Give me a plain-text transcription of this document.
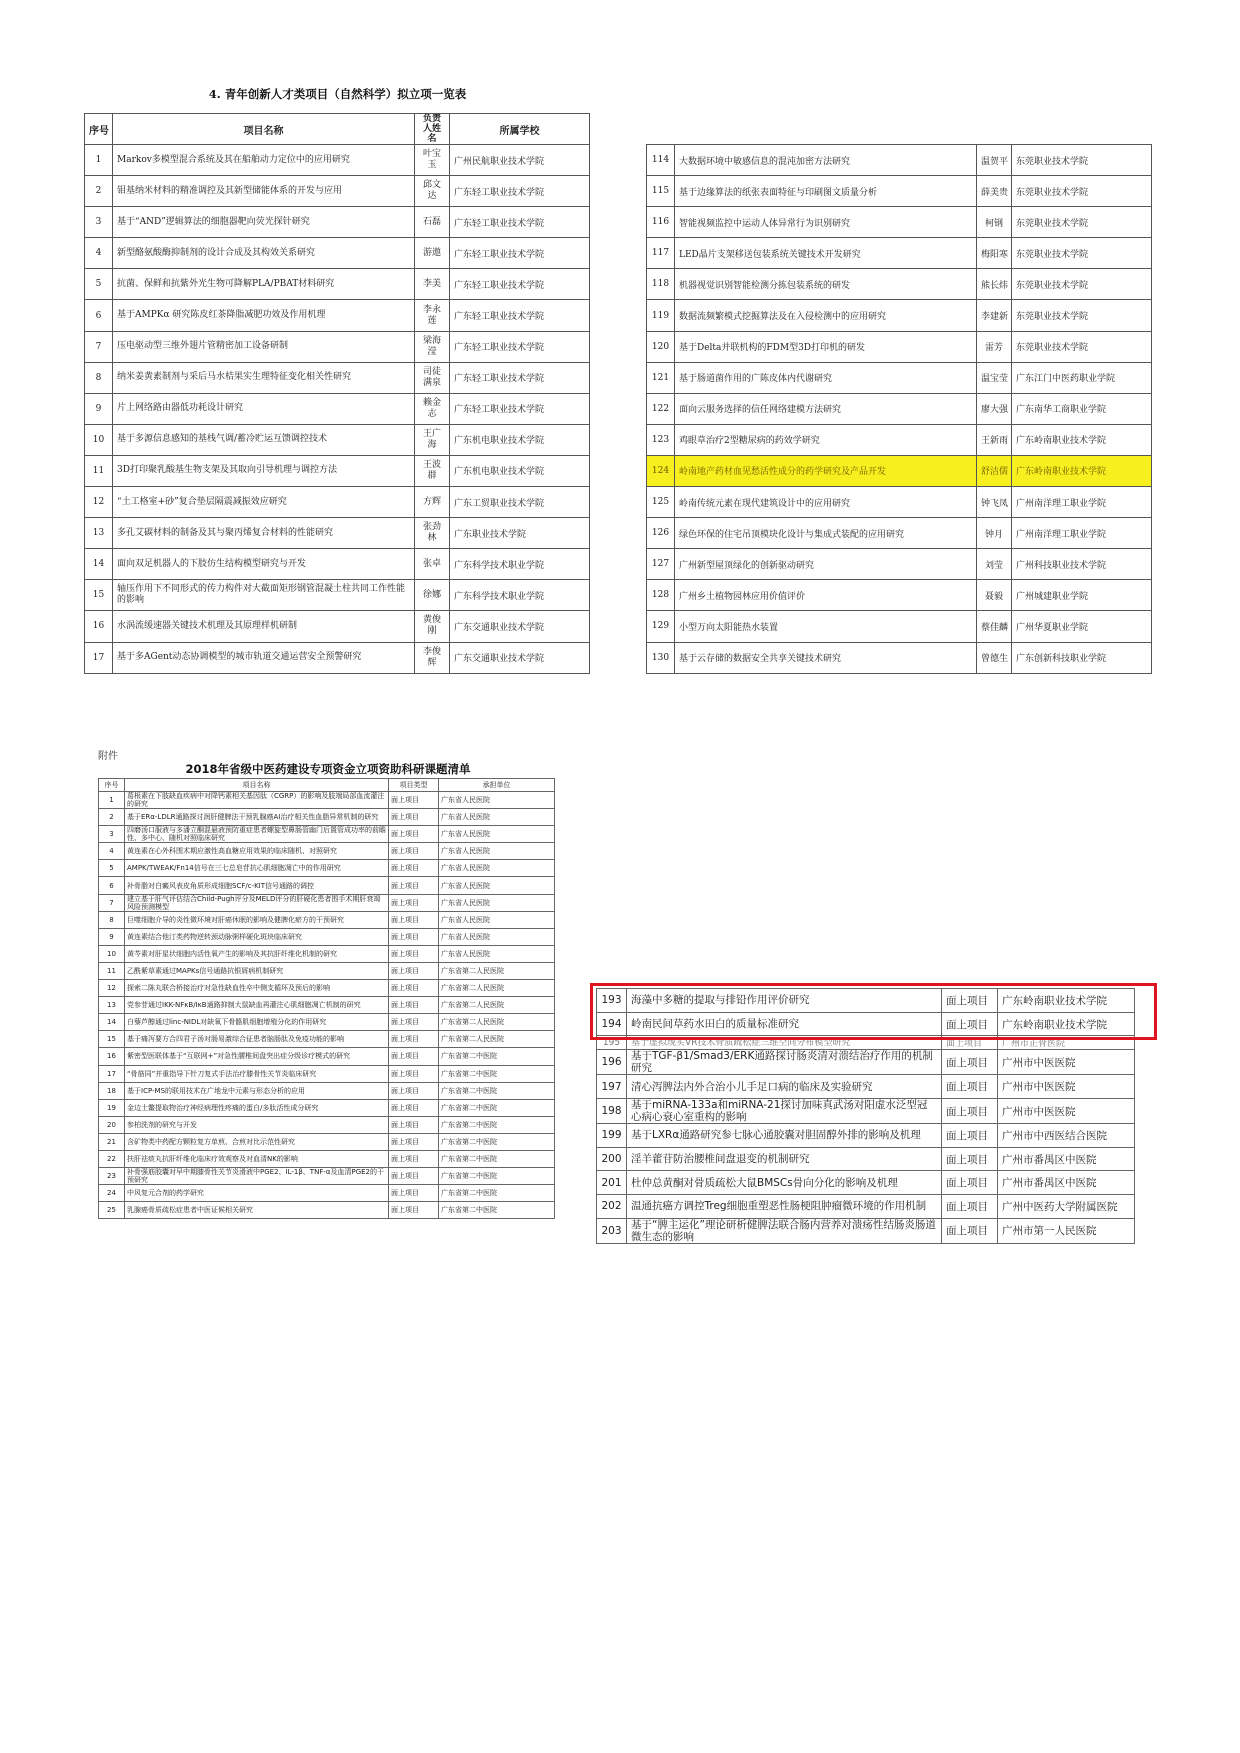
4. 青年创新人才类项目（自然科学）拟立项一览表
序号	项目名称	负责人姓名	所属学校
1	Markov多模型混合系统及其在船舶动力定位中的应用研究	叶宝玉	广州民航职业技术学院
2	钼基纳米材料的精准调控及其新型储能体系的开发与应用	邱文达	广东轻工职业技术学院
3	基于“AND”逻辑算法的细胞器靶向荧光探针研究	石磊	广东轻工职业技术学院
4	新型酪氨酸酶抑制剂的设计合成及其构效关系研究	游遨	广东轻工职业技术学院
5	抗菌、保鲜和抗紫外光生物可降解PLA/PBAT材料研究	李美	广东轻工职业技术学院
6	基于AMPKα 研究陈皮红茶降脂减肥功效及作用机理	李永莲	广东轻工职业技术学院
7	压电驱动型三维外翅片管精密加工设备研制	梁海滢	广东轻工职业技术学院
8	纳米姜黄素制剂与采后马水桔果实生理特征变化相关性研究	司徒满泉	广东轻工职业技术学院
9	片上网络路由器低功耗设计研究	赖金志	广东轻工职业技术学院
10	基于多源信息感知的基栈气调/蓄冷贮运互馈调控技术	王广海	广东机电职业技术学院
11	3D打印聚乳酸基生物支架及其取向引导机理与调控方法	王波群	广东机电职业技术学院
12	“土工格室+砂”复合垫层隔震减振效应研究	方辉	广东工贸职业技术学院
13	多孔艾碳材料的制备及其与聚丙烯复合材料的性能研究	张劲林	广东职业技术学院
14	面向双足机器人的下肢仿生结构模型研究与开发	张卓	广东科学技术职业学院
15	轴压作用下不同形式的传力构件对大截面矩形钢管混凝土柱共同工作性能的影响	徐娜	广东科学技术职业学院
16	水涡流缓速器关键技术机理及其原理样机研制	黄俊刚	广东交通职业技术学院
17	基于多AGent动态协调模型的城市轨道交通运营安全预警研究	李俊辉	广东交通职业技术学院
114	大数据环境中敏感信息的混沌加密方法研究	温贺平	东莞职业技术学院
115	基于边缘算法的纸张表面特征与印刷图文质量分析	薛美贵	东莞职业技术学院
116	智能视频监控中运动人体异常行为识别研究	柯钢	东莞职业技术学院
117	LED晶片支架移送包装系统关键技术开发研究	梅阳寒	东莞职业技术学院
118	机器视觉识别智能检测分拣包装系统的研发	熊长炜	东莞职业技术学院
119	数据流频繁模式挖掘算法及在入侵检测中的应用研究	李建新	东莞职业技术学院
120	基于Delta并联机构的FDM型3D打印机的研发	雷芳	东莞职业技术学院
121	基于肠道菌作用的广陈皮体内代谢研究	温宝莹	广东江门中医药职业学院
122	面向云服务选择的信任网络建模方法研究	廖大强	广东南华工商职业学院
123	鸡眼草治疗2型糖尿病的药效学研究	王新雨	广东岭南职业技术学院
124	岭南地产药材血见愁活性成分的药学研究及产品开发	舒洁儒	广东岭南职业技术学院
125	岭南传统元素在现代建筑设计中的应用研究	钟飞凤	广州南洋理工职业学院
126	绿色环保的住宅吊顶模块化设计与集成式装配的应用研究	钟月	广州南洋理工职业学院
127	广州新型屋顶绿化的创新驱动研究	刘莹	广州科技职业技术学院
128	广州乡土植物园林应用价值评价	聂毅	广州城建职业学院
129	小型万向太阳能热水装置	蔡佳麟	广州华夏职业学院
130	基于云存储的数据安全共享关键技术研究	曾德生	广东创新科技职业学院
附件
2018年省级中医药建设专项资金立项资助科研课题清单
序号	项目名称	项目类型	承担单位
1	葛根素在下肢缺血疾病中对降钙素相关基因肽（CGRP）的影响及肢端局部血流灌注的研究	面上项目	广东省人民医院
2	基于ERα-LDLR通路探讨润肝健脾法干预乳腺癌AI治疗相关性血脂异常机制的研究	面上项目	广东省人民医院
3	四磨汤口服液与多潘立酮混悬液预防重症患者螺旋型鼻肠管幽门后置管成功率的前瞻性、多中心、随机对照临床研究	面上项目	广东省人民医院
4	黄连素在心外科围术期应激性高血糖应用效果的临床随机、对照研究	面上项目	广东省人民医院
5	AMPK/TWEAK/Fn14信号在三七总皂苷抗心肌细胞凋亡中的作用研究	面上项目	广东省人民医院
6	补骨脂对白癜风表皮角质形成细胞SCF/c-KIT信号通路的调控	面上项目	广东省人民医院
7	建立基于肝气评估结合Child-Pugh评分及MELD评分的肝硬化患者围手术期肝衰竭风险预测模型	面上项目	广东省人民医院
8	巨噬细胞介导的炎性微环境对肝癌休眠的影响及健脾化瘀方的干预研究	面上项目	广东省人民医院
9	黄连素结合他汀类药物逆转颈动脉粥样硬化斑块临床研究	面上项目	广东省人民医院
10	黄芩素对肝星状细胞内活性氧产生的影响及其抗肝纤维化机制的研究	面上项目	广东省人民医院
11	乙酰紫草素通过MAPKs信号通路抗银屑病机制研究	面上项目	广东省第二人民医院
12	探索二陈丸联合桥接治疗对急性缺血性卒中侧支循环及预后的影响	面上项目	广东省第二人民医院
13	党参苷通过IKK-NFκB/IκB通路抑制大鼠缺血再灌注心肌细胞凋亡机制的研究	面上项目	广东省第二人民医院
14	白藜芦醇通过linc-NIDL对缺氧下骨骼肌细胞增殖分化的作用研究	面上项目	广东省第二人民医院
15	基于痛泻要方合四君子汤对肠易激综合征患者脑肠肽及免疫功能的影响	面上项目	广东省第二人民医院
16	紫密型医联体基于“互联网+”对急性腰椎间盘突出症分级诊疗模式的研究	面上项目	广东省第二中医院
17	“骨筋同”并重指导下针刀复式手法治疗膝骨性关节炎临床研究	面上项目	广东省第二中医院
18	基于ICP-MS的联用技术在广地龙中元素与形态分析的应用	面上项目	广东省第二中医院
19	金边土鳖提取物治疗神经病理性疼痛的蛋白/多肽活性成分研究	面上项目	广东省第二中医院
20	参柏洗剂的研究与开发	面上项目	广东省第二中医院
21	含矿物类中药配方颗粒复方单煎、合煎对比示范性研究	面上项目	广东省第二中医院
22	扶肝祛痰丸抗肝纤维化临床疗效观察及对血清NK的影响	面上项目	广东省第二中医院
23	补骨强筋胶囊对早中期膝骨性关节炎滑液中PGE2、IL-1β、TNF-α及血清PGE2的干预研究	面上项目	广东省第二中医院
24	中风复元合剂的药学研究	面上项目	广东省第二中医院
25	乳腺癌骨质疏松症患者中医证候相关研究	面上项目	广东省第二中医院
193	海藻中多糖的提取与排铅作用评价研究	面上项目	广东岭南职业技术学院
194	岭南民间草药水田白的质量标准研究	面上项目	广东岭南职业技术学院
195	基于虚拟现实VR技术骨质疏松症三维空间分布模型研究	面上项目	广州市正骨医院
196	基于TGF-β1/Smad3/ERK通路探讨肠炎清对溃结治疗作用的机制研究	面上项目	广州市中医医院
197	清心泻脾法内外合治小儿手足口病的临床及实验研究	面上项目	广州市中医医院
198	基于miRNA-133a和miRNA-21探讨加味真武汤对阳虚水泛型冠心病心衰心室重构的影响	面上项目	广州市中医医院
199	基于LXRα通路研究参七脉心通胶囊对胆固醇外排的影响及机理	面上项目	广州市中西医结合医院
200	淫羊藿苷防治腰椎间盘退变的机制研究	面上项目	广州市番禺区中医院
201	杜仲总黄酮对骨质疏松大鼠BMSCs骨向分化的影响及机理	面上项目	广州市番禺区中医院
202	温通抗癌方调控Treg细胞重塑恶性肠梗阻肿瘤微环境的作用机制	面上项目	广州中医药大学附属医院
203	基于“脾主运化”理论研析健脾法联合肠内营养对溃疡性结肠炎肠道微生态的影响	面上项目	广州市第一人民医院
